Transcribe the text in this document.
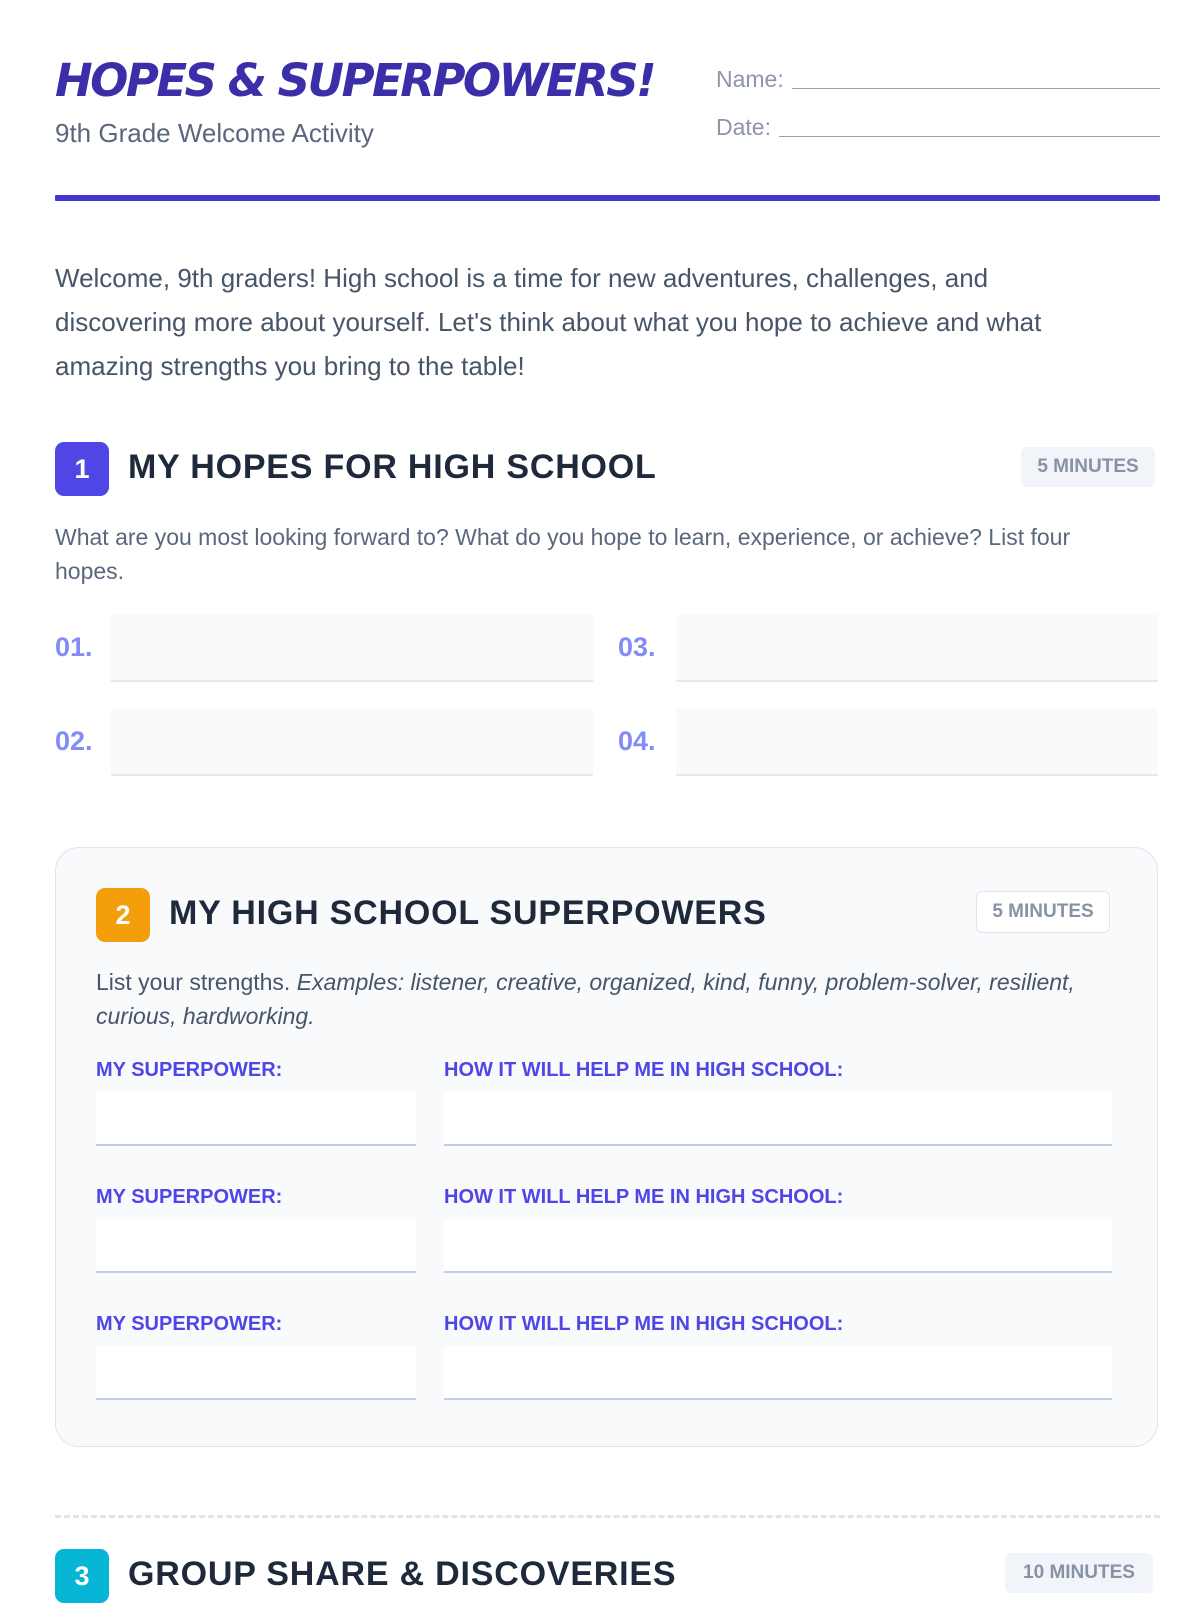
HOPES & SUPERPOWERS!
9th Grade Welcome Activity
Name:
Date:

Welcome, 9th graders! High school is a time for new adventures, challenges, and discovering more about yourself. Let's think about what you hope to achieve and what amazing strengths you bring to the table!

1	MY HOPES FOR HIGH SCHOOL	5 MINUTES

What are you most looking forward to? What do you hope to learn, experience, or achieve? List four hopes.

01.
02.
03.
04.
2	MY HIGH SCHOOL SUPERPOWERS	5 MINUTES

List your strengths. Examples: listener, creative, organized, kind, funny, problem-solver, resilient, curious, hardworking.

MY SUPERPOWER:	HOW IT WILL HELP ME IN HIGH SCHOOL:
MY SUPERPOWER:	HOW IT WILL HELP ME IN HIGH SCHOOL:
MY SUPERPOWER:	HOW IT WILL HELP ME IN HIGH SCHOOL:
3	GROUP SHARE & DISCOVERIES	10 MINUTES
